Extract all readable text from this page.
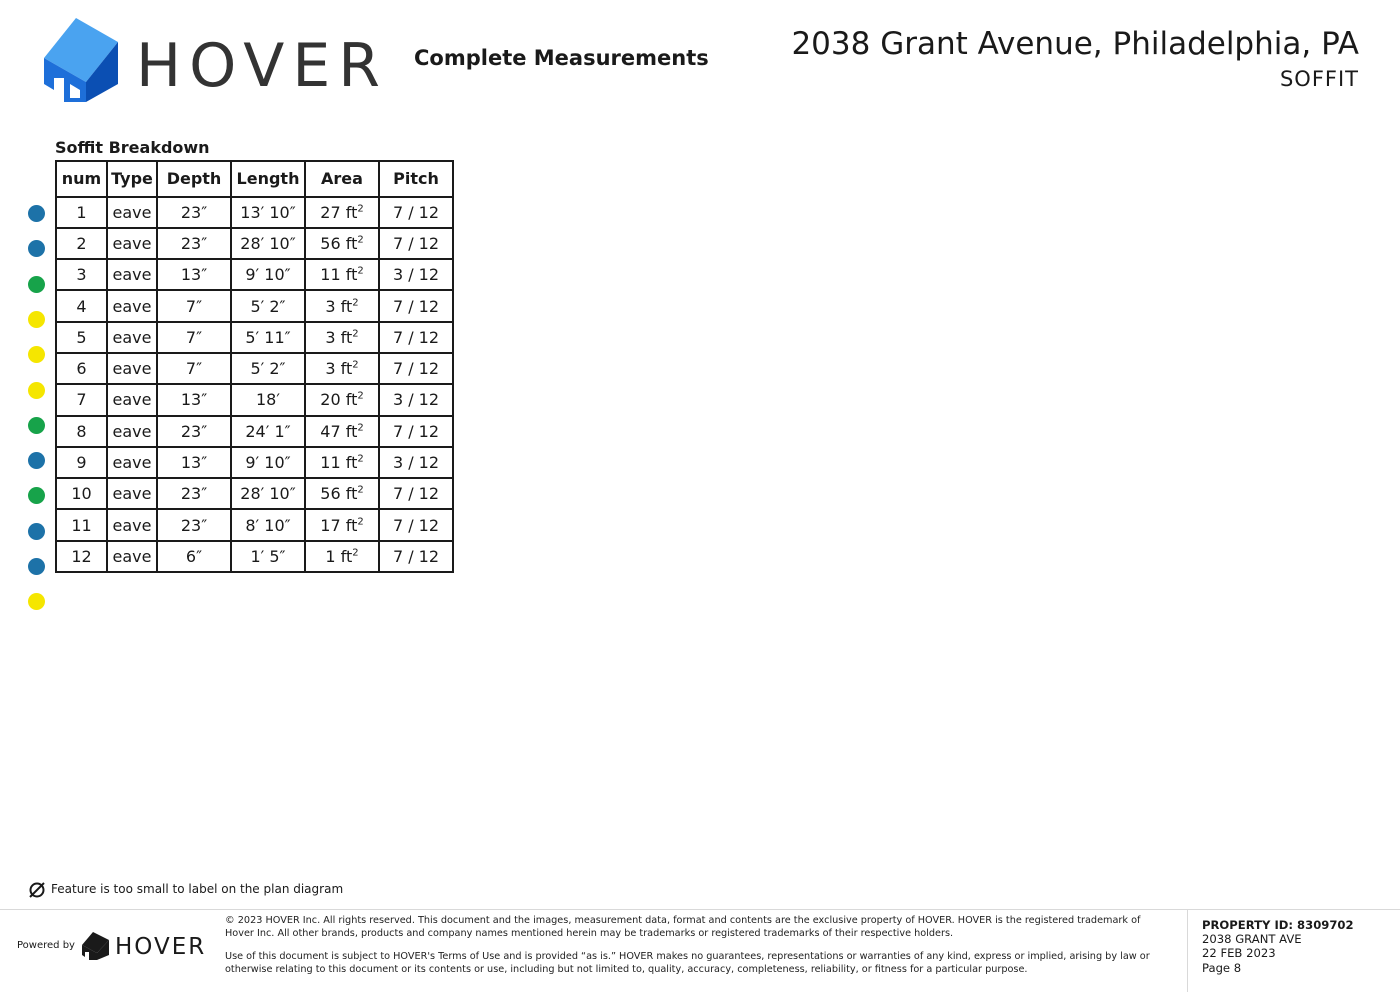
HOVER Complete Measurements	2038 Grant Avenue, Philadelphia, PA
SOFFIT
Soffit Breakdown
num	Type	Depth	Length	Area	Pitch
1	eave	23″	13′ 10″	27 $ft^2$	7 / 12
2	eave	23″	28′ 10″	56 $ft^2$	7 / 12
3	eave	13″	9′ 10″	11 $ft^2$	3 / 12
4	eave	7″	5′ 2″	3 $ft^2$	7 / 12
5	eave	7″	5′ 11″	3 $ft^2$	7 / 12
6	eave	7″	5′ 2″	3 $ft^2$	7 / 12
7	eave	13″	18′	20 $ft^2$	3 / 12
8	eave	23″	24′ 1″	47 $ft^2$	7 / 12
9	eave	13″	9′ 10″	11 $ft^2$	3 / 12
10	eave	23″	28′ 10″	56 $ft^2$	7 / 12
11	eave	23″	8′ 10″	17 $ft^2$	7 / 12
12	eave	6″	1′ 5″	1 $ft^2$	7 / 12
Feature is too small to label on the plan diagram
Powered by HOVER

© 2023 HOVER Inc. All rights reserved. This document and the images, measurement data, format and contents are the exclusive property of HOVER. HOVER is the registered trademark of Hover Inc. All other brands, products and company names mentioned herein may be trademarks or registered trademarks of their respective holders.

Use of this document is subject to HOVER's Terms of Use and is provided “as is.” HOVER makes no guarantees, representations or warranties of any kind, express or implied, arising by law or otherwise relating to this document or its contents or use, including but not limited to, quality, accuracy, completeness, reliability, or fitness for a particular purpose.

PROPERTY ID: 8309702
2038 GRANT AVE
22 FEB 2023
Page 8
